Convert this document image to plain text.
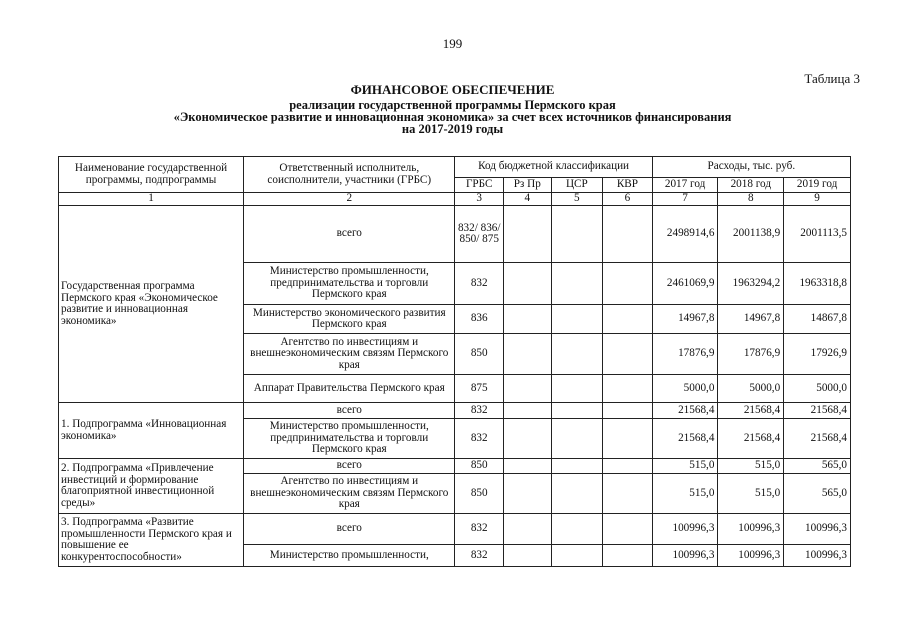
199
Таблица 3
ФИНАНСОВОЕ ОБЕСПЕЧЕНИЕ
реализации государственной программы Пермского края
«Экономическое развитие и инновационная экономика» за счет всех источников финансирования
на 2017-2019 годы
Наименование государственной программы, подпрограммы	Ответственный исполнитель, соисполнители, участники (ГРБС)	Код бюджетной классификации				Расходы, тыс. руб.		
		ГРБС	Рз Пр	ЦСР	КВР	2017 год	2018 год	2019 год
1	2	3	4	5	6	7	8	9
Государственная программа Пермского края «Экономическое развитие и инновационная экономика»	всего	832/ 836/ 850/ 875				2498914,6	2001138,9	2001113,5
	Министерство промышленности, предпринимательства и торговли Пермского края	832				2461069,9	1963294,2	1963318,8
	Министерство экономического развития Пермского края	836				14967,8	14967,8	14867,8
	Агентство по инвестициям и внешнеэкономическим связям Пермского края	850				17876,9	17876,9	17926,9
	Аппарат Правительства Пермского края	875				5000,0	5000,0	5000,0
1. Подпрограмма «Инновационная экономика»	всего	832				21568,4	21568,4	21568,4
	Министерство промышленности, предпринимательства и торговли Пермского края	832				21568,4	21568,4	21568,4
2. Подпрограмма «Привлечение инвестиций и формирование благоприятной инвестиционной среды»	всего	850				515,0	515,0	565,0
	Агентство по инвестициям и внешнеэкономическим связям Пермского края	850				515,0	515,0	565,0
3. Подпрограмма «Развитие промышленности Пермского края и повышение ее конкурентоспособности»	всего	832				100996,3	100996,3	100996,3
	Министерство промышленности,	832				100996,3	100996,3	100996,3
